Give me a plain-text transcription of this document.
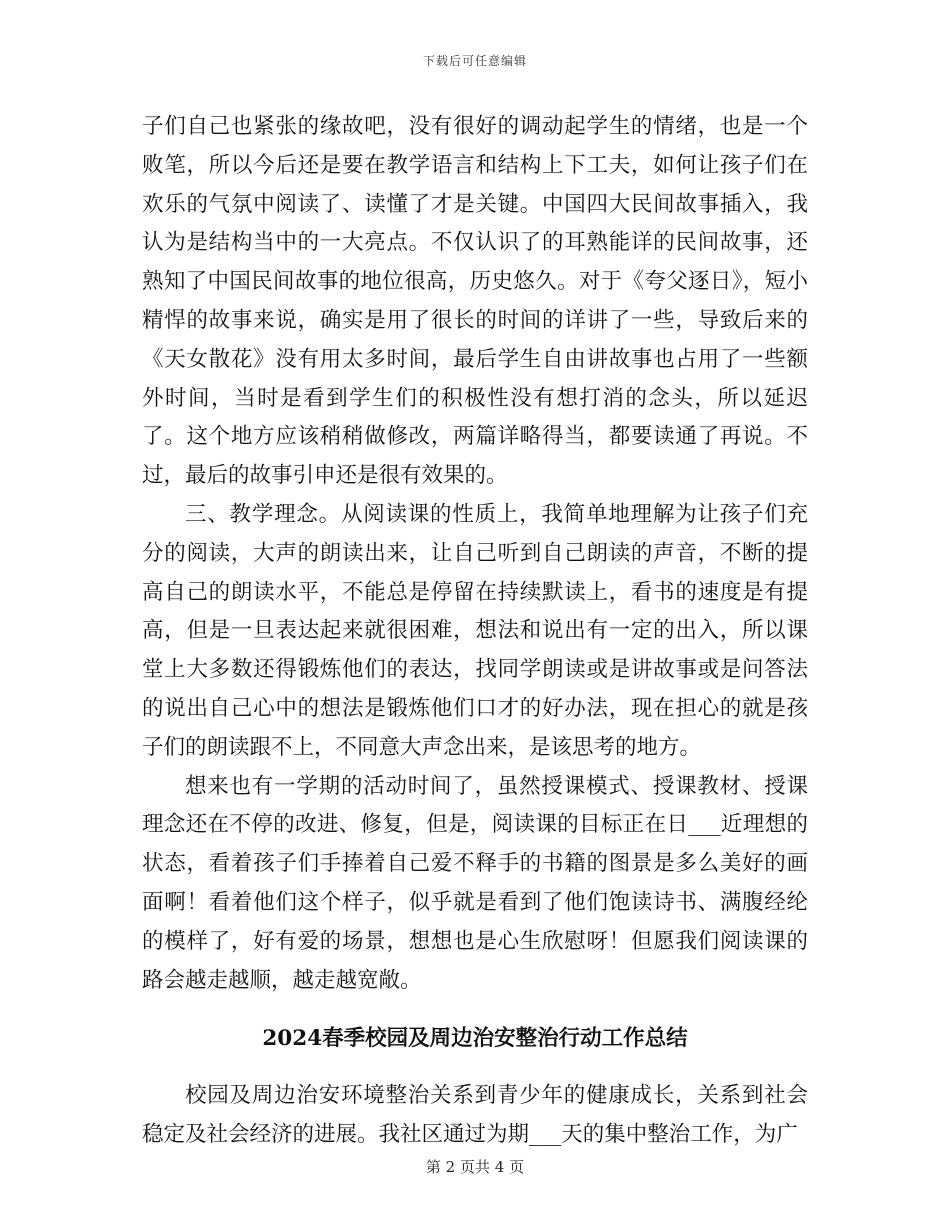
下载后可任意编辑

子们自己也紧张的缘故吧，没有很好的调动起学生的情绪，也是一个败笔，所以今后还是要在教学语言和结构上下工夫，如何让孩子们在欢乐的气氛中阅读了、读懂了才是关键。中国四大民间故事插入，我认为是结构当中的一大亮点。不仅认识了的耳熟能详的民间故事，还熟知了中国民间故事的地位很高，历史悠久。对于《夸父逐日》，短小精悍的故事来说，确实是用了很长的时间的详讲了一些，导致后来的《天女散花》没有用太多时间，最后学生自由讲故事也占用了一些额外时间，当时是看到学生们的积极性没有想打消的念头，所以延迟了。这个地方应该稍稍做修改，两篇详略得当，都要读通了再说。不过，最后的故事引申还是很有效果的。

三、教学理念。从阅读课的性质上，我简单地理解为让孩子们充分的阅读，大声的朗读出来，让自己听到自己朗读的声音，不断的提高自己的朗读水平，不能总是停留在持续默读上，看书的速度是有提高，但是一旦表达起来就很困难，想法和说出有一定的出入，所以课堂上大多数还得锻炼他们的表达，找同学朗读或是讲故事或是问答法的说出自己心中的想法是锻炼他们口才的好办法，现在担心的就是孩子们的朗读跟不上，不同意大声念出来，是该思考的地方。

想来也有一学期的活动时间了，虽然授课模式、授课教材、授课理念还在不停的改进、修复，但是，阅读课的目标正在日___近理想的状态，看着孩子们手捧着自己爱不释手的书籍的图景是多么美好的画面啊！看着他们这个样子，似乎就是看到了他们饱读诗书、满腹经纶的模样了，好有爱的场景，想想也是心生欣慰呀！但愿我们阅读课的路会越走越顺，越走越宽敞。

2024春季校园及周边治安整治行动工作总结

校园及周边治安环境整治关系到青少年的健康成长，关系到社会稳定及社会经济的进展。我社区通过为期___天的集中整治工作，为广

第 2 页共 4 页
